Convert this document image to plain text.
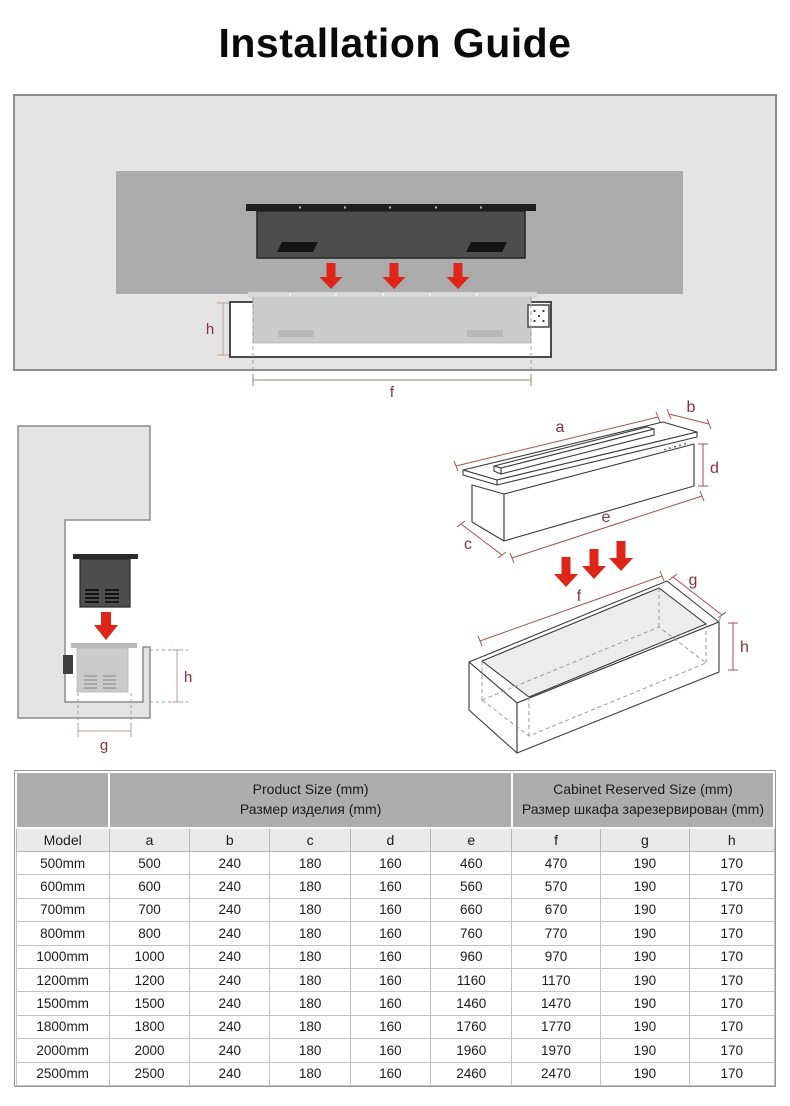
Installation Guide
h
f
h
g
a
b
d
c
e
f
g
h

Product Size (mm)
Размер изделия (mm)

Cabinet Reserved Size (mm)
Размер шкафа зарезервирован (mm)

Model	a	b	c	d	e	f	g	h
500mm	500	240	180	160	460	470	190	170
600mm	600	240	180	160	560	570	190	170
700mm	700	240	180	160	660	670	190	170
800mm	800	240	180	160	760	770	190	170
1000mm	1000	240	180	160	960	970	190	170
1200mm	1200	240	180	160	1160	1170	190	170
1500mm	1500	240	180	160	1460	1470	190	170
1800mm	1800	240	180	160	1760	1770	190	170
2000mm	2000	240	180	160	1960	1970	190	170
2500mm	2500	240	180	160	2460	2470	190	170
